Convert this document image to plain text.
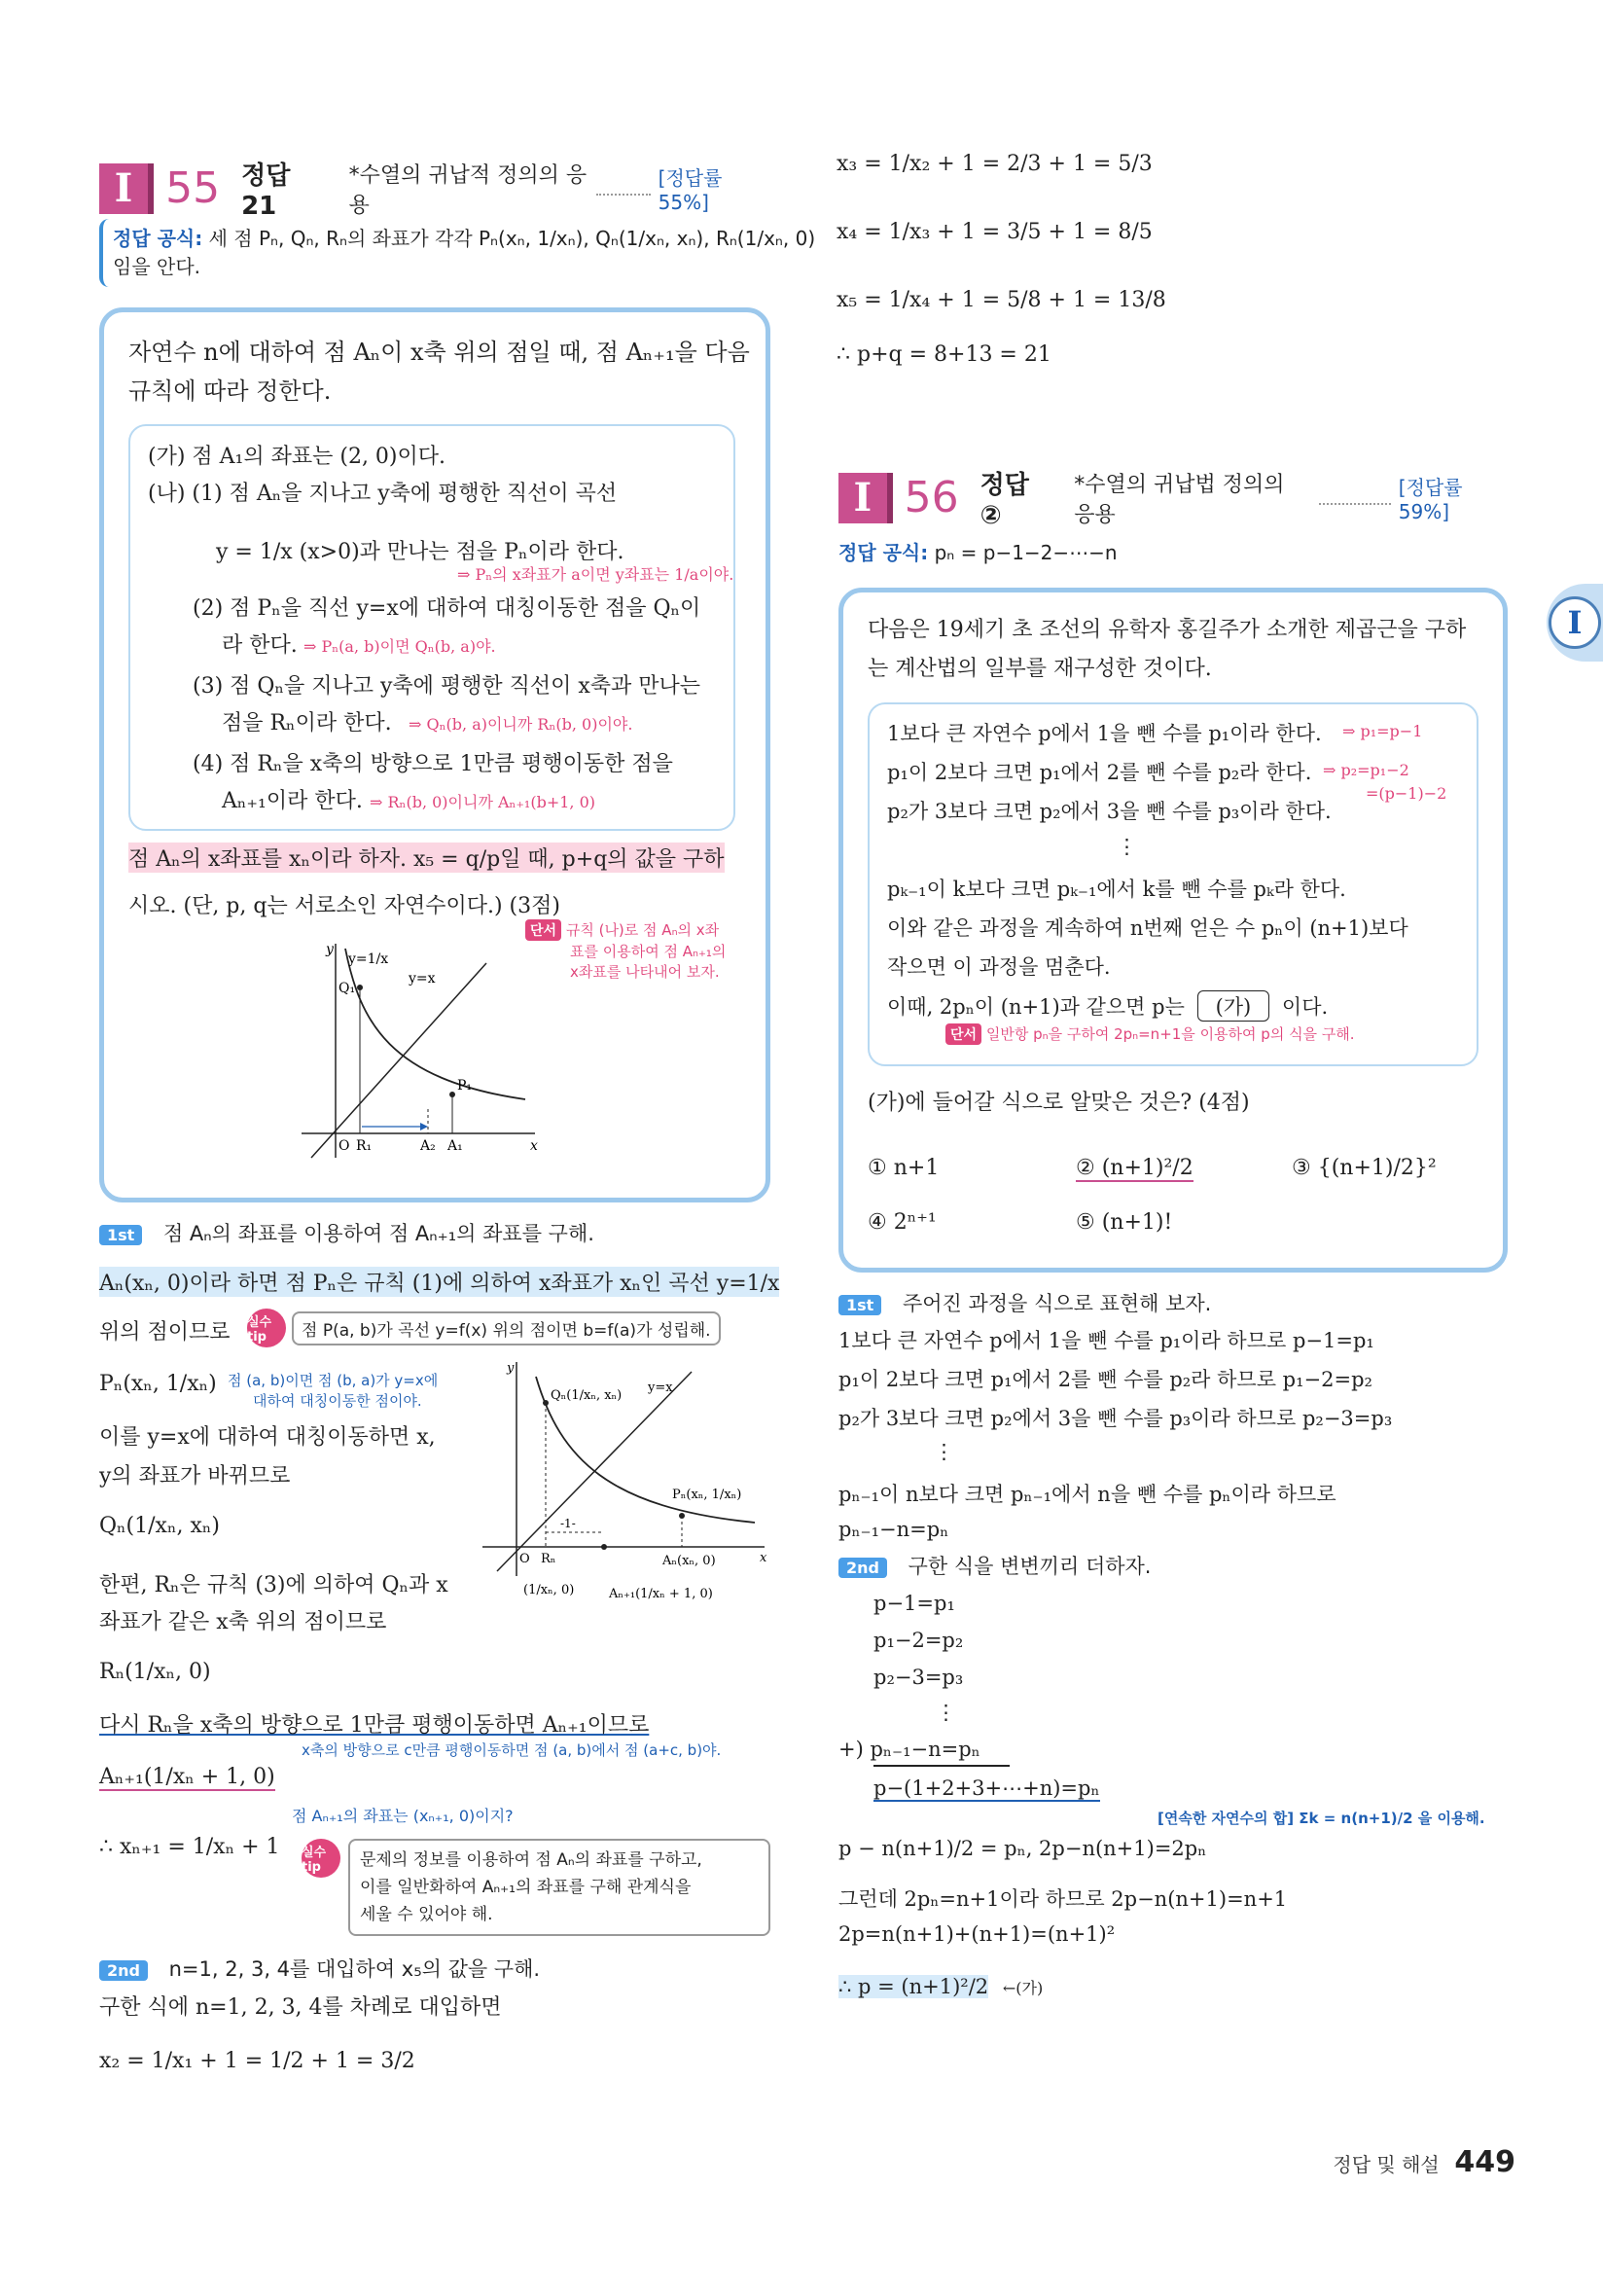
I 55 정답 21
*수열의 귀납적 정의의 응용
[정답률 55%]
정답 공식: 세 점 Pₙ, Qₙ, Rₙ의 좌표가 각각 Pₙ(xₙ, 1/xₙ), Qₙ(1/xₙ, xₙ), Rₙ(1/xₙ, 0)
임을 안다.
자연수 n에 대하여 점 Aₙ이 x축 위의 점일 때, 점 Aₙ₊₁을 다음
규칙에 따라 정한다.
(가) 점 A₁의 좌표는 (2, 0)이다.
(나) (1) 점 Aₙ을 지나고 y축에 평행한 직선이 곡선
y = 1/x (x>0)과 만나는 점을 Pₙ이라 한다.
⇒ Pₙ의 x좌표가 a이면 y좌표는 1/a이야.
(2) 점 Pₙ을 직선 y=x에 대하여 대칭이동한 점을 Qₙ이
라 한다. ⇒ Pₙ(a, b)이면 Qₙ(b, a)야.
(3) 점 Qₙ을 지나고 y축에 평행한 직선이 x축과 만나는
점을 Rₙ이라 한다. ⇒ Qₙ(b, a)이니까 Rₙ(b, 0)이야.
(4) 점 Rₙ을 x축의 방향으로 1만큼 평행이동한 점을
Aₙ₊₁이라 한다. ⇒ Rₙ(b, 0)이니까 Aₙ₊₁(b+1, 0)
점 Aₙ의 x좌표를 xₙ이라 하자. x₅ = q/p일 때, p+q의 값을 구하
시오. (단, p, q는 서로소인 자연수이다.) (3점)
단서 규칙 (나)로 점 Aₙ의 x좌
표를 이용하여 점 Aₙ₊₁의
x좌표를 나타내어 보자.
y
x
y=1/x
y=x
Q₁
P₁
O R₁	A₂ A₁
1st 점 Aₙ의 좌표를 이용하여 점 Aₙ₊₁의 좌표를 구해.
Aₙ(xₙ, 0)이라 하면 점 Pₙ은 규칙 (1)에 의하여 x좌표가 xₙ인 곡선 y=1/x
위의 점이므로 실수 tip	점 P(a, b)가 곡선 y=f(x) 위의 점이면 b=f(a)가 성립해.
Pₙ(xₙ, 1/xₙ) 점 (a, b)이면 점 (b, a)가 y=x에
대하여 대칭이동한 점이야.
이를 y=x에 대하여 대칭이동하면 x,
y의 좌표가 바뀌므로
Qₙ(1/xₙ, xₙ)
한편, Rₙ은 규칙 (3)에 의하여 Qₙ과 x
좌표가 같은 x축 위의 점이므로
Rₙ(1/xₙ, 0)
y
x
y=x
Qₙ(1/xₙ, xₙ)
Pₙ(xₙ, 1/xₙ)
-1-
O Rₙ
(1/xₙ, 0)
Aₙ(xₙ, 0)
Aₙ₊₁(1/xₙ + 1, 0)
다시 Rₙ을 x축의 방향으로 1만큼 평행이동하면 Aₙ₊₁이므로
x축의 방향으로 c만큼 평행이동하면 점 (a, b)에서 점 (a+c, b)야.
Aₙ₊₁(1/xₙ + 1, 0)
점 Aₙ₊₁의 좌표는 (xₙ₊₁, 0)이지?
∴ xₙ₊₁ = 1/xₙ + 1 실수 tip	문제의 정보를 이용하여 점 Aₙ의 좌표를 구하고,
이를 일반화하여 Aₙ₊₁의 좌표를 구해 관계식을
세울 수 있어야 해.
2nd n=1, 2, 3, 4를 대입하여 x₅의 값을 구해.
구한 식에 n=1, 2, 3, 4를 차례로 대입하면
x₂ = 1/x₁ + 1 = 1/2 + 1 = 3/2
x₃ = 1/x₂ + 1 = 2/3 + 1 = 5/3
x₄ = 1/x₃ + 1 = 3/5 + 1 = 8/5
x₅ = 1/x₄ + 1 = 5/8 + 1 = 13/8
∴ p+q = 8+13 = 21
I 56 정답 ②
*수열의 귀납법 정의의 응용
[정답률 59%]
정답 공식: pₙ = p−1−2−⋯−n
다음은 19세기 초 조선의 유학자 홍길주가 소개한 제곱근을 구하
는 계산법의 일부를 재구성한 것이다.
1보다 큰 자연수 p에서 1을 뺀 수를 p₁이라 한다. ⇒ p₁=p−1
p₁이 2보다 크면 p₁에서 2를 뺀 수를 p₂라 한다. ⇒ p₂=p₁−2
=(p−1)−2
p₂가 3보다 크면 p₂에서 3을 뺀 수를 p₃이라 한다.
⋮
pₖ₋₁이 k보다 크면 pₖ₋₁에서 k를 뺀 수를 pₖ라 한다.
이와 같은 과정을 계속하여 n번째 얻은 수 pₙ이 (n+1)보다
작으면 이 과정을 멈춘다.
이때, 2pₙ이 (n+1)과 같으면 p는 (가) 이다.
단서 일반항 pₙ을 구하여 2pₙ=n+1을 이용하여 p의 식을 구해.
(가)에 들어갈 식으로 알맞은 것은? (4점)
① n+1	② (n+1)²/2	③ {(n+1)/2}²
④ 2ⁿ⁺¹	⑤ (n+1)!
1st 주어진 과정을 식으로 표현해 보자.
1보다 큰 자연수 p에서 1을 뺀 수를 p₁이라 하므로 p−1=p₁
p₁이 2보다 크면 p₁에서 2를 뺀 수를 p₂라 하므로 p₁−2=p₂
p₂가 3보다 크면 p₂에서 3을 뺀 수를 p₃이라 하므로 p₂−3=p₃
⋮
pₙ₋₁이 n보다 크면 pₙ₋₁에서 n을 뺀 수를 pₙ이라 하므로
pₙ₋₁−n=pₙ
2nd 구한 식을 변변끼리 더하자.
p−1=p₁
p₁−2=p₂
p₂−3=p₃
⋮
+) pₙ₋₁−n=pₙ
p−(1+2+3+⋯+n)=pₙ
[연속한 자연수의 합] Σk = n(n+1)/2 을 이용해.
p − n(n+1)/2 = pₙ, 2p−n(n+1)=2pₙ
그런데 2pₙ=n+1이라 하므로 2p−n(n+1)=n+1
2p=n(n+1)+(n+1)=(n+1)²
∴ p = (n+1)²/2 ←(가)
I
정답 및 해설 449
